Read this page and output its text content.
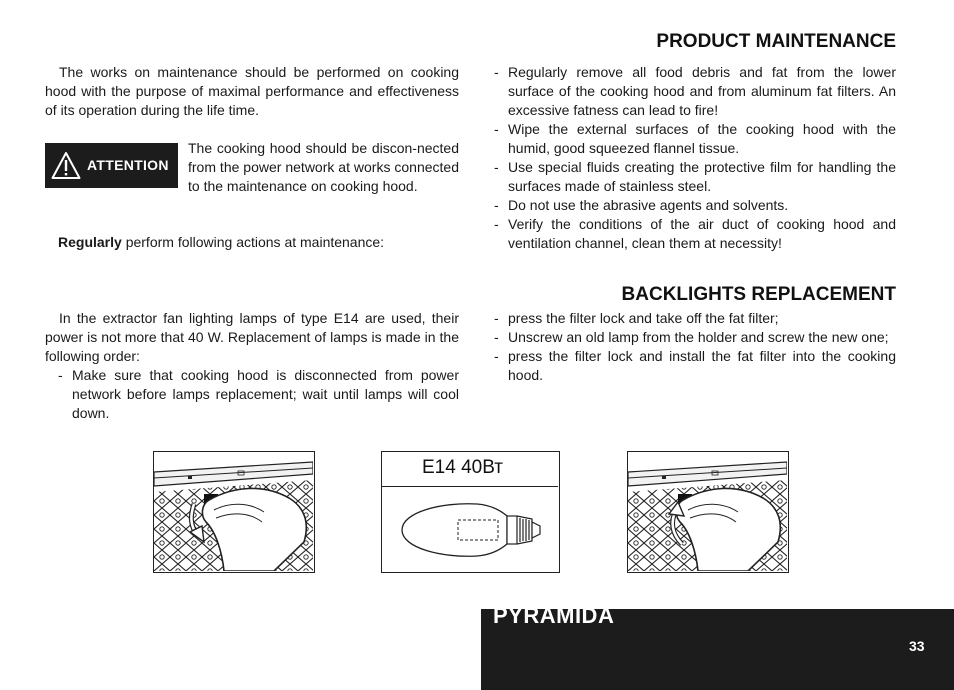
PRODUCT MAINTENANCE
The works on maintenance should be performed on cooking hood with the purpose of maximal performance and effectiveness of its operation during the life time.
ATTENTION
The cooking hood should be discon-nected from the power network at works connected to the maintenance on cooking hood.
Regularly perform following actions at maintenance:
- Regularly remove all food debris and fat from the lower surface of the cooking hood and from aluminum fat filters. An excessive fatness can lead to fire!
- Wipe the external surfaces of the cooking hood with the humid, good squeezed flannel tissue.
- Use special fluids creating the protective film for handling the surfaces made of stainless steel.
- Do not use the abrasive agents and solvents.
- Verify the conditions of the air duct of cooking hood and ventilation channel, clean them at necessity!
BACKLIGHTS REPLACEMENT
In the extractor fan lighting lamps of type E14 are used, their power is not more that 40 W. Replacement of lamps is made in the following order:
- Make sure that cooking hood is disconnected from power network before lamps replacement; wait until lamps will cool down.
- press the filter lock and take off the fat filter;
- Unscrew an old lamp from the holder and screw the new one;
- press the filter lock and install the fat filter into the cooking hood.
E14 40Вт
PYRAMIDA
33
